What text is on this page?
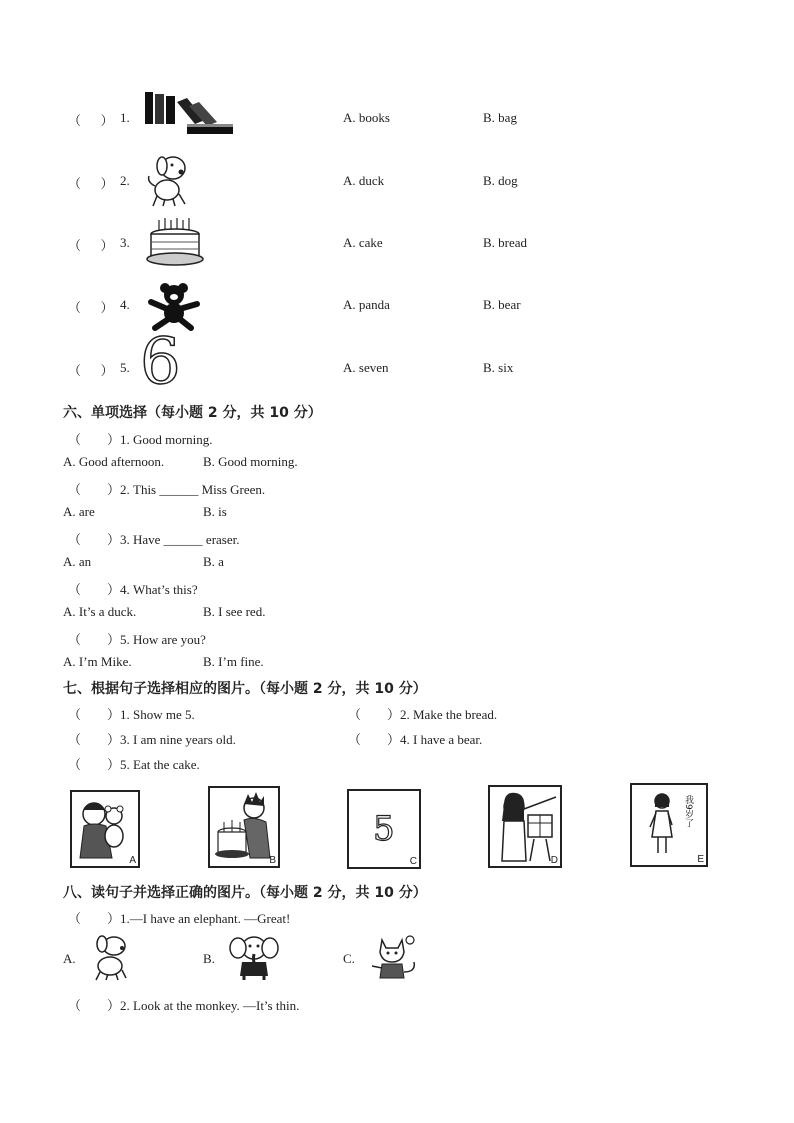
（      ） 1.	A. books	B. bag
（      ） 2.	A. duck	B. dog
（      ） 3.	A. cake	B. bread
（      ） 4.	A. panda	B. bear
（      ） 5. 6	A. seven	B. six
六、单项选择（每小题 2 分，共 10 分）
（　　）1. Good morning.
A. Good afternoon.	B. Good morning.
（　　）2. This ______ Miss Green.
A. are	B. is
（　　）3. Have ______ eraser.
A. an	B. a
（　　）4. What’s this?
A. It’s a duck.	B. I see red.
（　　）5. How are you?
A. I’m Mike.	B. I’m fine.
七、根据句子选择相应的图片。（每小题 2 分，共 10 分）
（　　）1. Show me 5.	（　　）2. Make the bread.
（　　）3. I am nine years old.	（　　）4. I have a bear.
（　　）5. Eat the cake.
A	B
5
C	D
我9岁了
E
八、读句子并选择正确的图片。（每小题 2 分，共 10 分）
（　　）1.—I have an elephant. —Great!
A.	B.	C.
（　　）2. Look at the monkey. —It’s thin.
